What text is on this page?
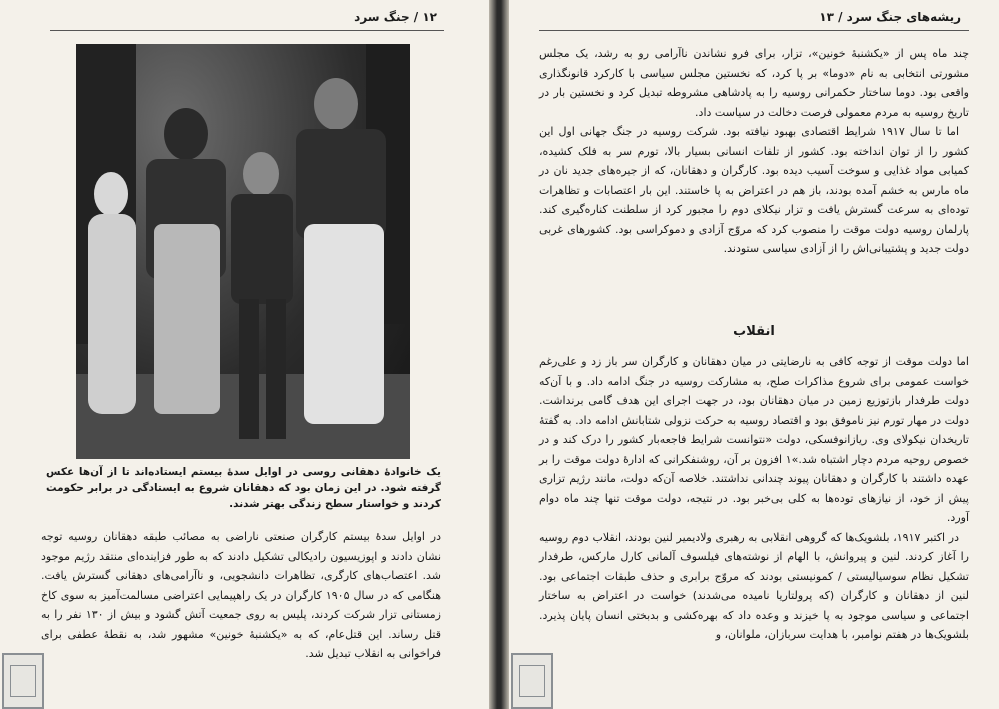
۱۲ / جنگ سرد
یک خانوادهٔ دهقانی روسی در اوایل سدهٔ بیستم ایستاده‌اند تا از آن‌ها عکس گرفته شود. در این زمان بود که دهقانان شروع به ایستادگی در برابر حکومت کردند و خواستار سطح زندگی بهتر شدند.

در اوایل سدهٔ بیستم کارگران صنعتی ناراضی به مصائب طبقه دهقانان روسیه توجه نشان دادند و اپوزیسیون رادیکالی تشکیل دادند که به طور فزاینده‌ای منتقد رژیم موجود شد. اعتصاب‌های کارگری، تظاهرات دانشجویی، و ناآرامی‌های دهقانی گسترش یافت. هنگامی که در سال ۱۹۰۵ کارگران در یک راهپیمایی اعتراضی مسالمت‌آمیز به سوی کاخ زمستانی تزار شرکت کردند، پلیس به روی جمعیت آتش گشود و بیش از ۱۳۰ نفر را به قتل رساند. این قتل‌عام، که به «یکشنبهٔ خونین» مشهور شد، به نقطهٔ عطفی برای فراخوانی به انقلاب تبدیل شد.

ریشه‌های جنگ سرد / ۱۳

چند ماه پس از «یکشنبهٔ خونین»، تزار، برای فرو نشاندن ناآرامی رو به رشد، یک مجلس مشورتی انتخابی به نام «دوما» بر پا کرد، که نخستین مجلس سیاسی با کارکرد قانونگذاری واقعی بود. دوما ساختار حکمرانی روسیه را به پادشاهی مشروطه تبدیل کرد و نخستین بار در تاریخ روسیه به مردم معمولی فرصت دخالت در سیاست داد.

اما تا سال ۱۹۱۷ شرایط اقتصادی بهبود نیافته بود. شرکت روسیه در جنگ جهانی اول این کشور را از توان انداخته بود. کشور از تلفات انسانی بسیار بالا، تورم سر به فلک کشیده، کمیابی مواد غذایی و سوخت آسیب دیده بود. کارگران و دهقانان، که از جیره‌های جدید نان در ماه مارس به خشم آمده بودند، باز هم در اعتراض به پا خاستند. این بار اعتصابات و تظاهرات توده‌ای به سرعت گسترش یافت و تزار نیکلای دوم را مجبور کرد از سلطنت کناره‌گیری کند. پارلمان روسیه دولت موقت را منصوب کرد که مروّج آزادی و دموکراسی بود. کشورهای غربی دولت جدید و پشتیبانی‌اش را از آزادی سیاسی ستودند.

انقلاب

اما دولت موقت از توجه کافی به نارضایتی در میان دهقانان و کارگران سر باز زد و علی‌رغم خواست عمومی برای شروع مذاکرات صلح، به مشارکت روسیه در جنگ ادامه داد. و با آن‌که دولت طرفدار بازتوزیع زمین در میان دهقانان بود، در جهت اجرای این هدف گامی برنداشت. دولت در مهار تورم نیز ناموفق بود و اقتصاد روسیه به حرکت نزولی شتابانش ادامه داد. به گفتهٔ تاریخدان نیکولای وی. ریازانوفسکی، دولت «نتوانست شرایط فاجعه‌بار کشور را درک کند و در خصوص روحیه مردم دچار اشتباه شد.»۱ افزون بر آن، روشنفکرانی که ادارهٔ دولت موقت را بر عهده داشتند با کارگران و دهقانان پیوند چندانی نداشتند. خلاصه آن‌که دولت، مانند رژیم تزاری پیش از خود، از نیازهای توده‌ها به کلی بی‌خبر بود. در نتیجه، دولت موقت تنها چند ماه دوام آورد.

در اکتبر ۱۹۱۷، بلشویک‌ها که گروهی انقلابی به رهبری ولادیمیر لنین بودند، انقلاب دوم روسیه را آغاز کردند. لنین و پیروانش، با الهام از نوشته‌های فیلسوف آلمانی کارل مارکس، طرفدار تشکیل نظام سوسیالیستی / کمونیستی بودند که مروّج برابری و حذف طبقات اجتماعی بود. لنین از دهقانان و کارگران (که پرولتاریا نامیده می‌شدند) خواست در اعتراض به ساختار اجتماعی و سیاسی موجود به پا خیزند و وعده داد که بهره‌کشی و بدبختی انسان پایان پذیرد. بلشویک‌ها در هفتم نوامبر، با هدایت سربازان، ملوانان، و
